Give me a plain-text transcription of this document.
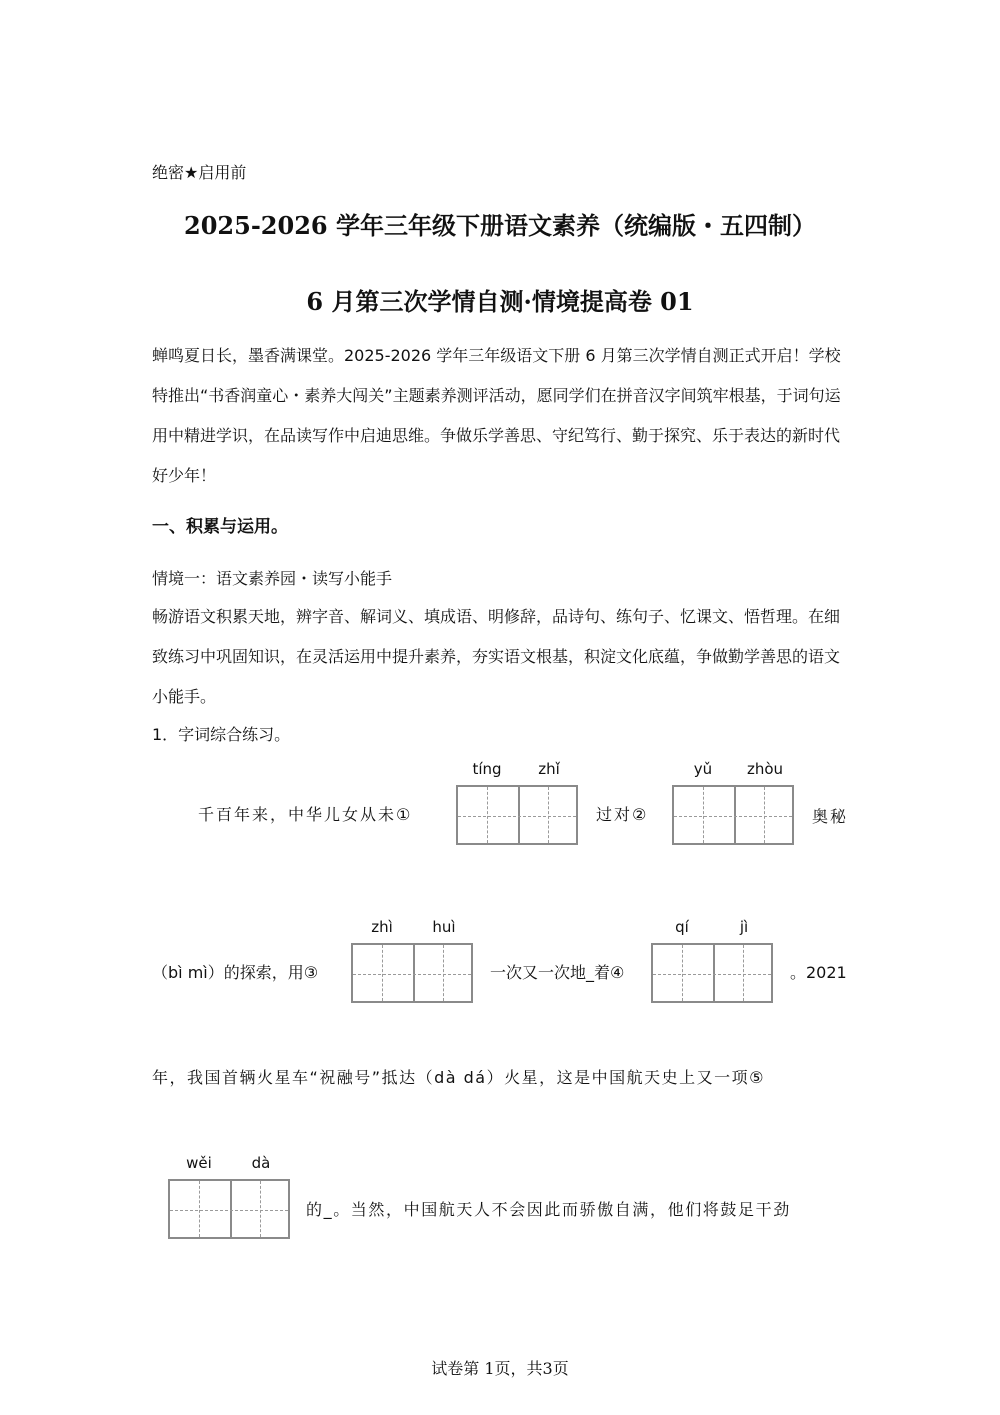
绝密★启用前
2025-2026 学年三年级下册语文素养（统编版・五四制）
6 月第三次学情自测·情境提高卷 01
蝉鸣夏日长，墨香满课堂。2025-2026 学年三年级语文下册 6 月第三次学情自测正式开启！学校特推出“书香润童心・素养大闯关”主题素养测评活动，愿同学们在拼音汉字间筑牢根基，于词句运用中精进学识，在品读写作中启迪思维。争做乐学善思、守纪笃行、勤于探究、乐于表达的新时代好少年！
一、积累与运用。
情境一：语文素养园・读写小能手
畅游语文积累天地，辨字音、解词义、填成语、明修辞，品诗句、练句子、忆课文、悟哲理。在细致练习中巩固知识，在灵活运用中提升素养，夯实语文根基，积淀文化底蕴，争做勤学善思的语文小能手。
1．字词综合练习。
千百年来，中华儿女从未①
tíng	zhǐ
过对②
yǔ	zhòu
奥秘
（bì mì）的探索，用③
zhì	huì
一次又一次地_着④
qí	jì
。2021
年，我国首辆火星车“祝融号”抵达（dà dá）火星，这是中国航天史上又一项⑤
wěi	dà
的_。当然，中国航天人不会因此而骄傲自满，他们将鼓足干劲
试卷第 1页，共3页
